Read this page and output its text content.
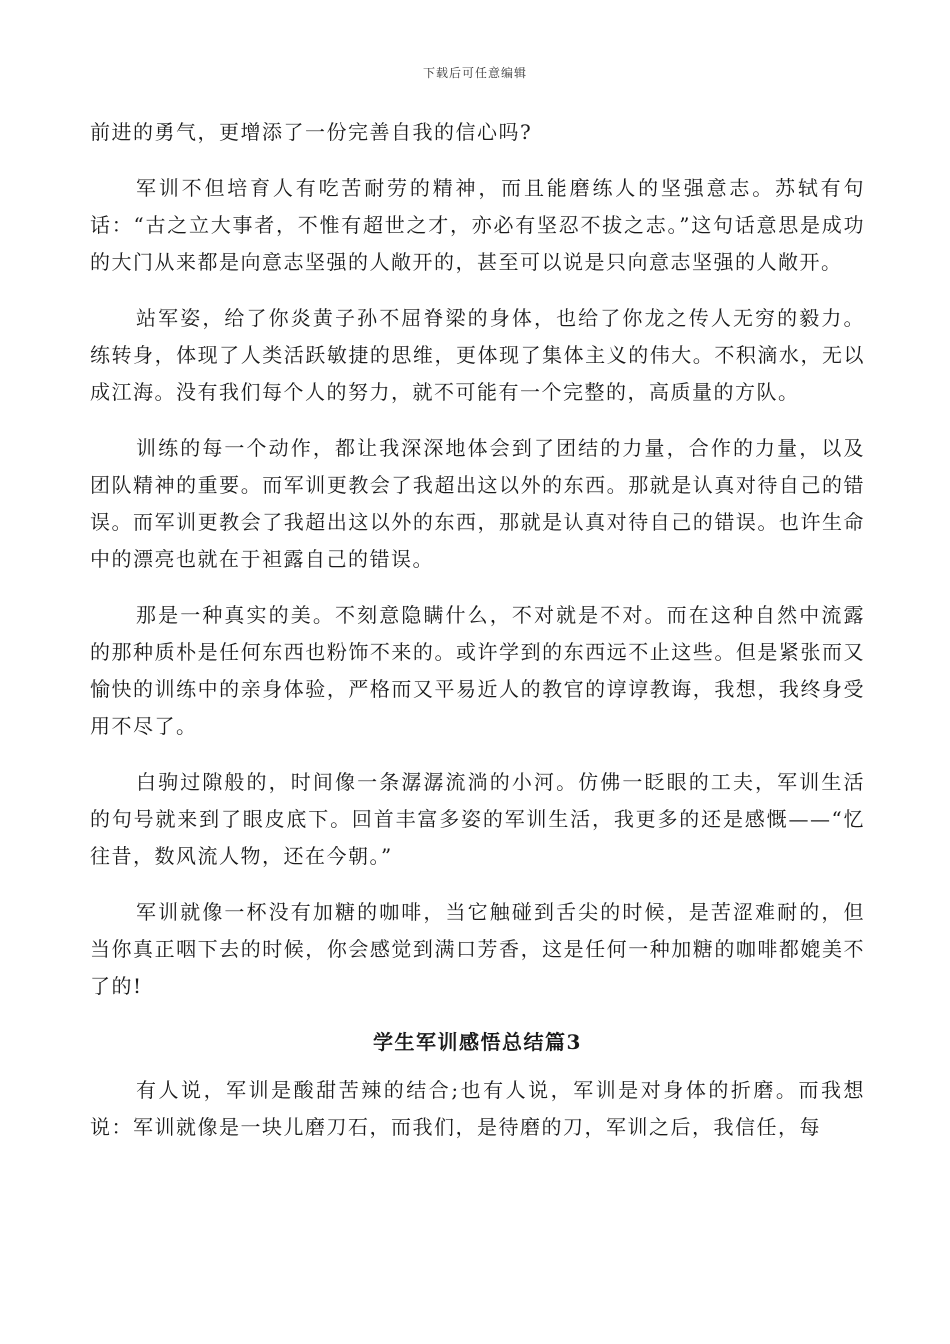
下载后可任意编辑

前进的勇气，更增添了一份完善自我的信心吗?

军训不但培育人有吃苦耐劳的精神，而且能磨练人的坚强意志。苏轼有句话：“古之立大事者，不惟有超世之才，亦必有坚忍不拔之志。”这句话意思是成功的大门从来都是向意志坚强的人敞开的，甚至可以说是只向意志坚强的人敞开。

站军姿，给了你炎黄子孙不屈脊梁的身体，也给了你龙之传人无穷的毅力。练转身，体现了人类活跃敏捷的思维，更体现了集体主义的伟大。不积滴水，无以成江海。没有我们每个人的努力，就不可能有一个完整的，高质量的方队。

训练的每一个动作，都让我深深地体会到了团结的力量，合作的力量，以及团队精神的重要。而军训更教会了我超出这以外的东西。那就是认真对待自己的错误。而军训更教会了我超出这以外的东西，那就是认真对待自己的错误。也许生命中的漂亮也就在于袒露自己的错误。

那是一种真实的美。不刻意隐瞒什么，不对就是不对。而在这种自然中流露的那种质朴是任何东西也粉饰不来的。或许学到的东西远不止这些。但是紧张而又愉快的训练中的亲身体验，严格而又平易近人的教官的谆谆教诲，我想，我终身受用不尽了。

白驹过隙般的，时间像一条潺潺流淌的小河。仿佛一眨眼的工夫，军训生活的句号就来到了眼皮底下。回首丰富多姿的军训生活，我更多的还是感慨——“忆往昔，数风流人物，还在今朝。”

军训就像一杯没有加糖的咖啡，当它触碰到舌尖的时候，是苦涩难耐的，但当你真正咽下去的时候，你会感觉到满口芳香，这是任何一种加糖的咖啡都媲美不了的!

学生军训感悟总结篇3

有人说，军训是酸甜苦辣的结合;也有人说，军训是对身体的折磨。而我想说：军训就像是一块儿磨刀石，而我们，是待磨的刀，军训之后，我信任，每
